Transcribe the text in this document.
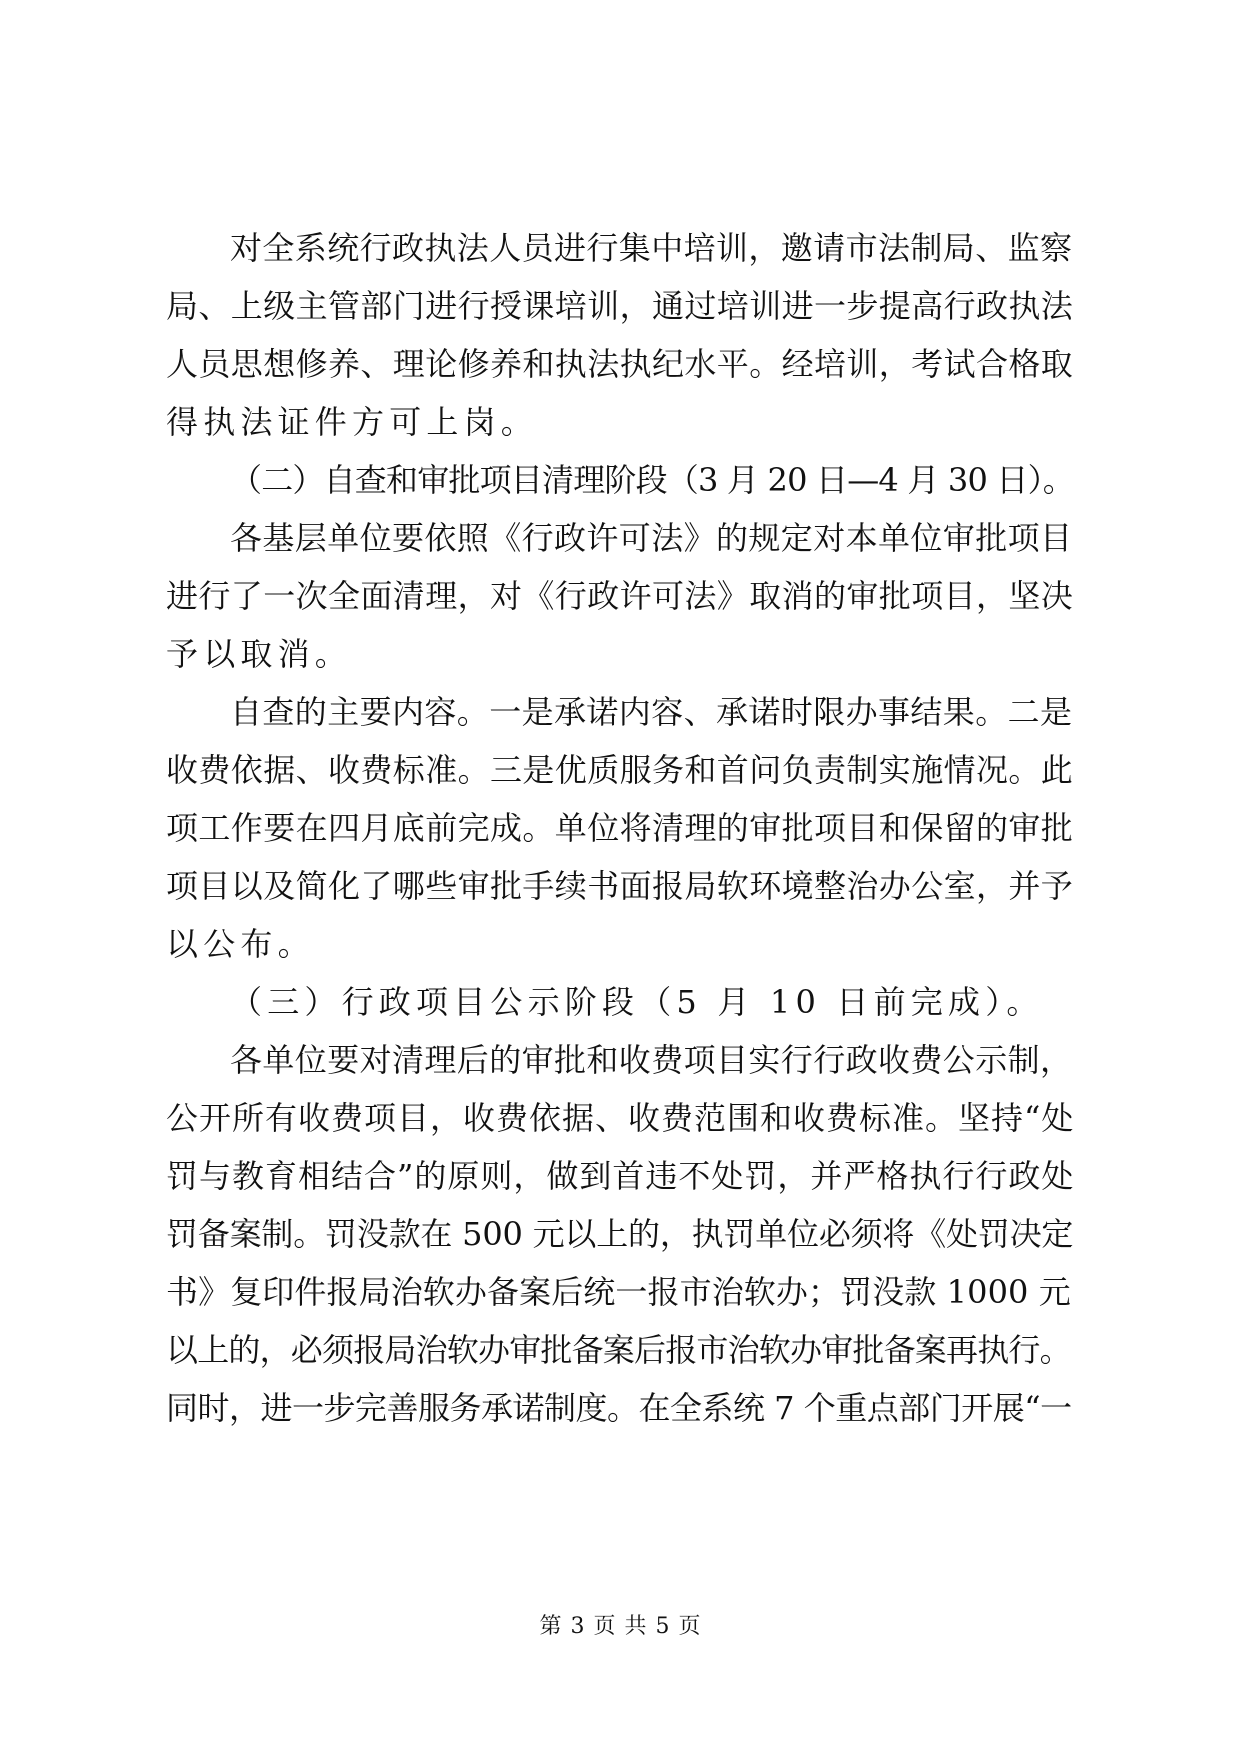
对全系统行政执法人员进行集中培训，邀请市法制局、监察
局、上级主管部门进行授课培训，通过培训进一步提高行政执法
人员思想修养、理论修养和执法执纪水平。经培训，考试合格取
得执法证件方可上岗。
（二）自查和审批项目清理阶段（3 月 20 日—4 月 30 日）。
各基层单位要依照《行政许可法》的规定对本单位审批项目
进行了一次全面清理，对《行政许可法》取消的审批项目，坚决
予以取消。
自查的主要内容。一是承诺内容、承诺时限办事结果。二是
收费依据、收费标准。三是优质服务和首问负责制实施情况。此
项工作要在四月底前完成。单位将清理的审批项目和保留的审批
项目以及简化了哪些审批手续书面报局软环境整治办公室，并予
以公布。
（三）行政项目公示阶段（5 月 10 日前完成）。
各单位要对清理后的审批和收费项目实行行政收费公示制，
公开所有收费项目，收费依据、收费范围和收费标准。坚持“处
罚与教育相结合”的原则，做到首违不处罚，并严格执行行政处
罚备案制。罚没款在 500 元以上的，执罚单位必须将《处罚决定
书》复印件报局治软办备案后统一报市治软办；罚没款 1000 元
以上的，必须报局治软办审批备案后报市治软办审批备案再执行。
同时，进一步完善服务承诺制度。在全系统 7 个重点部门开展“一
第 3 页 共 5 页
